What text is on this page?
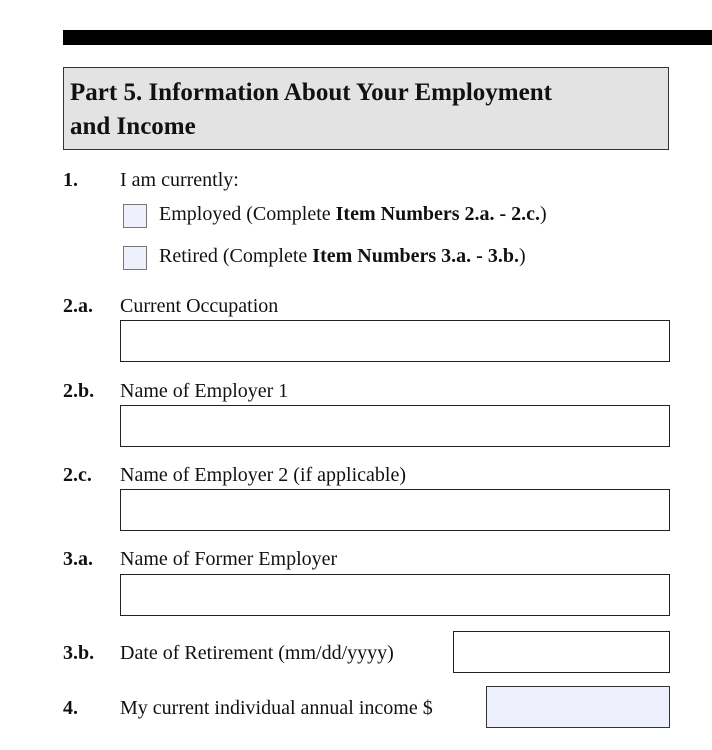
Part 5. Information About Your Employment
and Income
1. I am currently:
Employed (Complete Item Numbers 2.a. - 2.c.)
Retired (Complete Item Numbers 3.a. - 3.b.)
2.a. Current Occupation
2.b. Name of Employer 1
2.c. Name of Employer 2 (if applicable)
3.a. Name of Former Employer
3.b. Date of Retirement (mm/dd/yyyy)
4. My current individual annual income $
